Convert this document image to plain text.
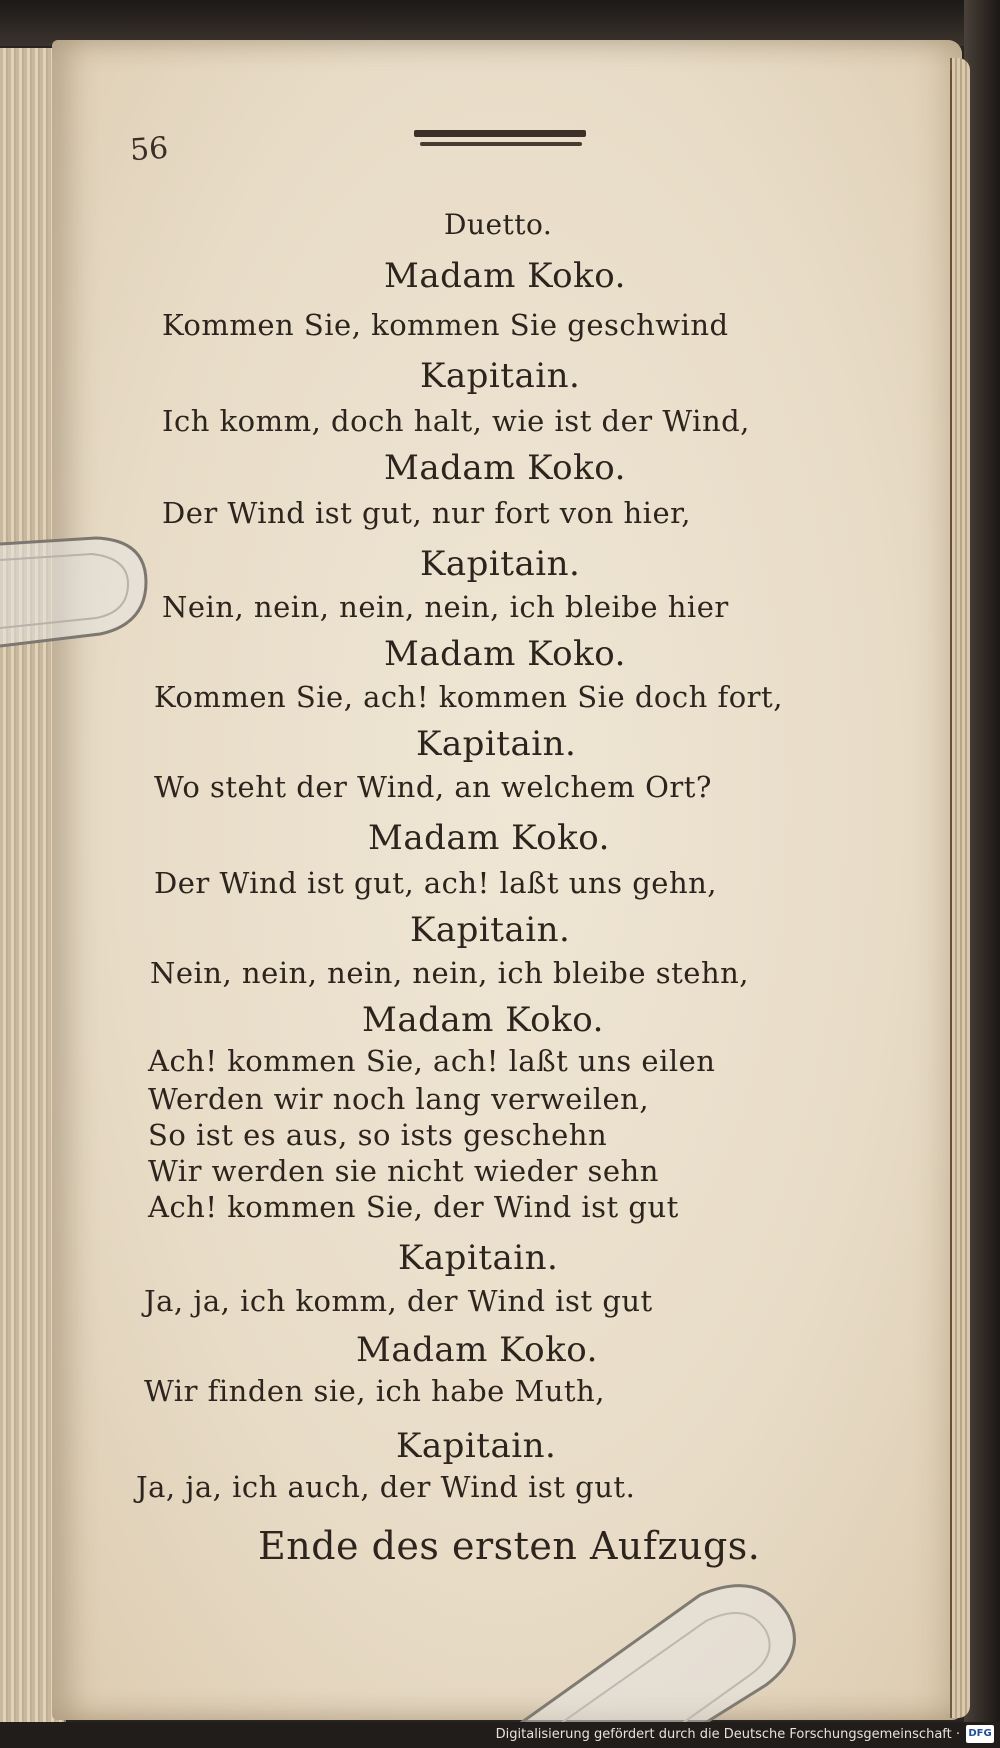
56

Duetto.

Madam Koko.

Kommen Sie, kommen Sie geschwind

Kapitain.

Ich komm, doch halt, wie ist der Wind,

Madam Koko.

Der Wind ist gut, nur fort von hier,

Kapitain.

Nein, nein, nein, nein, ich bleibe hier

Madam Koko.

Kommen Sie, ach! kommen Sie doch fort,

Kapitain.

Wo steht der Wind, an welchem Ort?

Madam Koko.

Der Wind ist gut, ach! laßt uns gehn,

Kapitain.

Nein, nein, nein, nein, ich bleibe stehn,

Madam Koko.

Ach! kommen Sie, ach! laßt uns eilen

Werden wir noch lang verweilen,

So ist es aus, so ists geschehn

Wir werden sie nicht wieder sehn

Ach! kommen Sie, der Wind ist gut

Kapitain.

Ja, ja, ich komm, der Wind ist gut

Madam Koko.

Wir finden sie, ich habe Muth,

Kapitain.

Ja, ja, ich auch, der Wind ist gut.

Ende des ersten Aufzugs.

Digitalisierung gefördert durch die Deutsche Forschungsgemeinschaft · DFG
